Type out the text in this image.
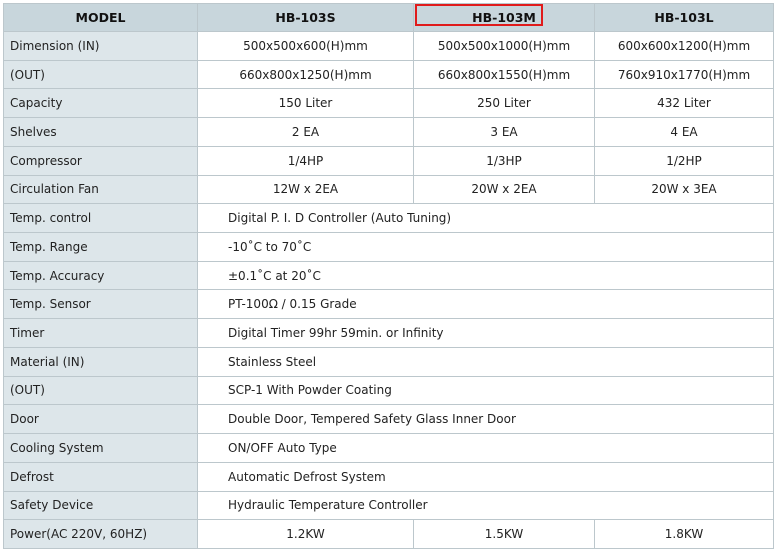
MODEL	HB-103S	HB-103M	HB-103L
Dimension (IN)	500x500x600(H)mm	500x500x1000(H)mm	600x600x1200(H)mm
(OUT)	660x800x1250(H)mm	660x800x1550(H)mm	760x910x1770(H)mm
Capacity	150 Liter	250 Liter	432 Liter
Shelves	2 EA	3 EA	4 EA
Compressor	1/4HP	1/3HP	1/2HP
Circulation Fan	12W x 2EA	20W x 2EA	20W x 3EA
Temp. control	Digital P. I. D Controller (Auto Tuning)		
Temp. Range	-10˚C to 70˚C		
Temp. Accuracy	±0.1˚C at 20˚C		
Temp. Sensor	PT-100Ω / 0.15 Grade		
Timer	Digital Timer 99hr 59min. or Infinity		
Material (IN)	Stainless Steel		
(OUT)	SCP-1 With Powder Coating		
Door	Double Door, Tempered Safety Glass Inner Door		
Cooling System	ON/OFF Auto Type		
Defrost	Automatic Defrost System		
Safety Device	Hydraulic Temperature Controller		
Power(AC 220V, 60HZ)	1.2KW	1.5KW	1.8KW
